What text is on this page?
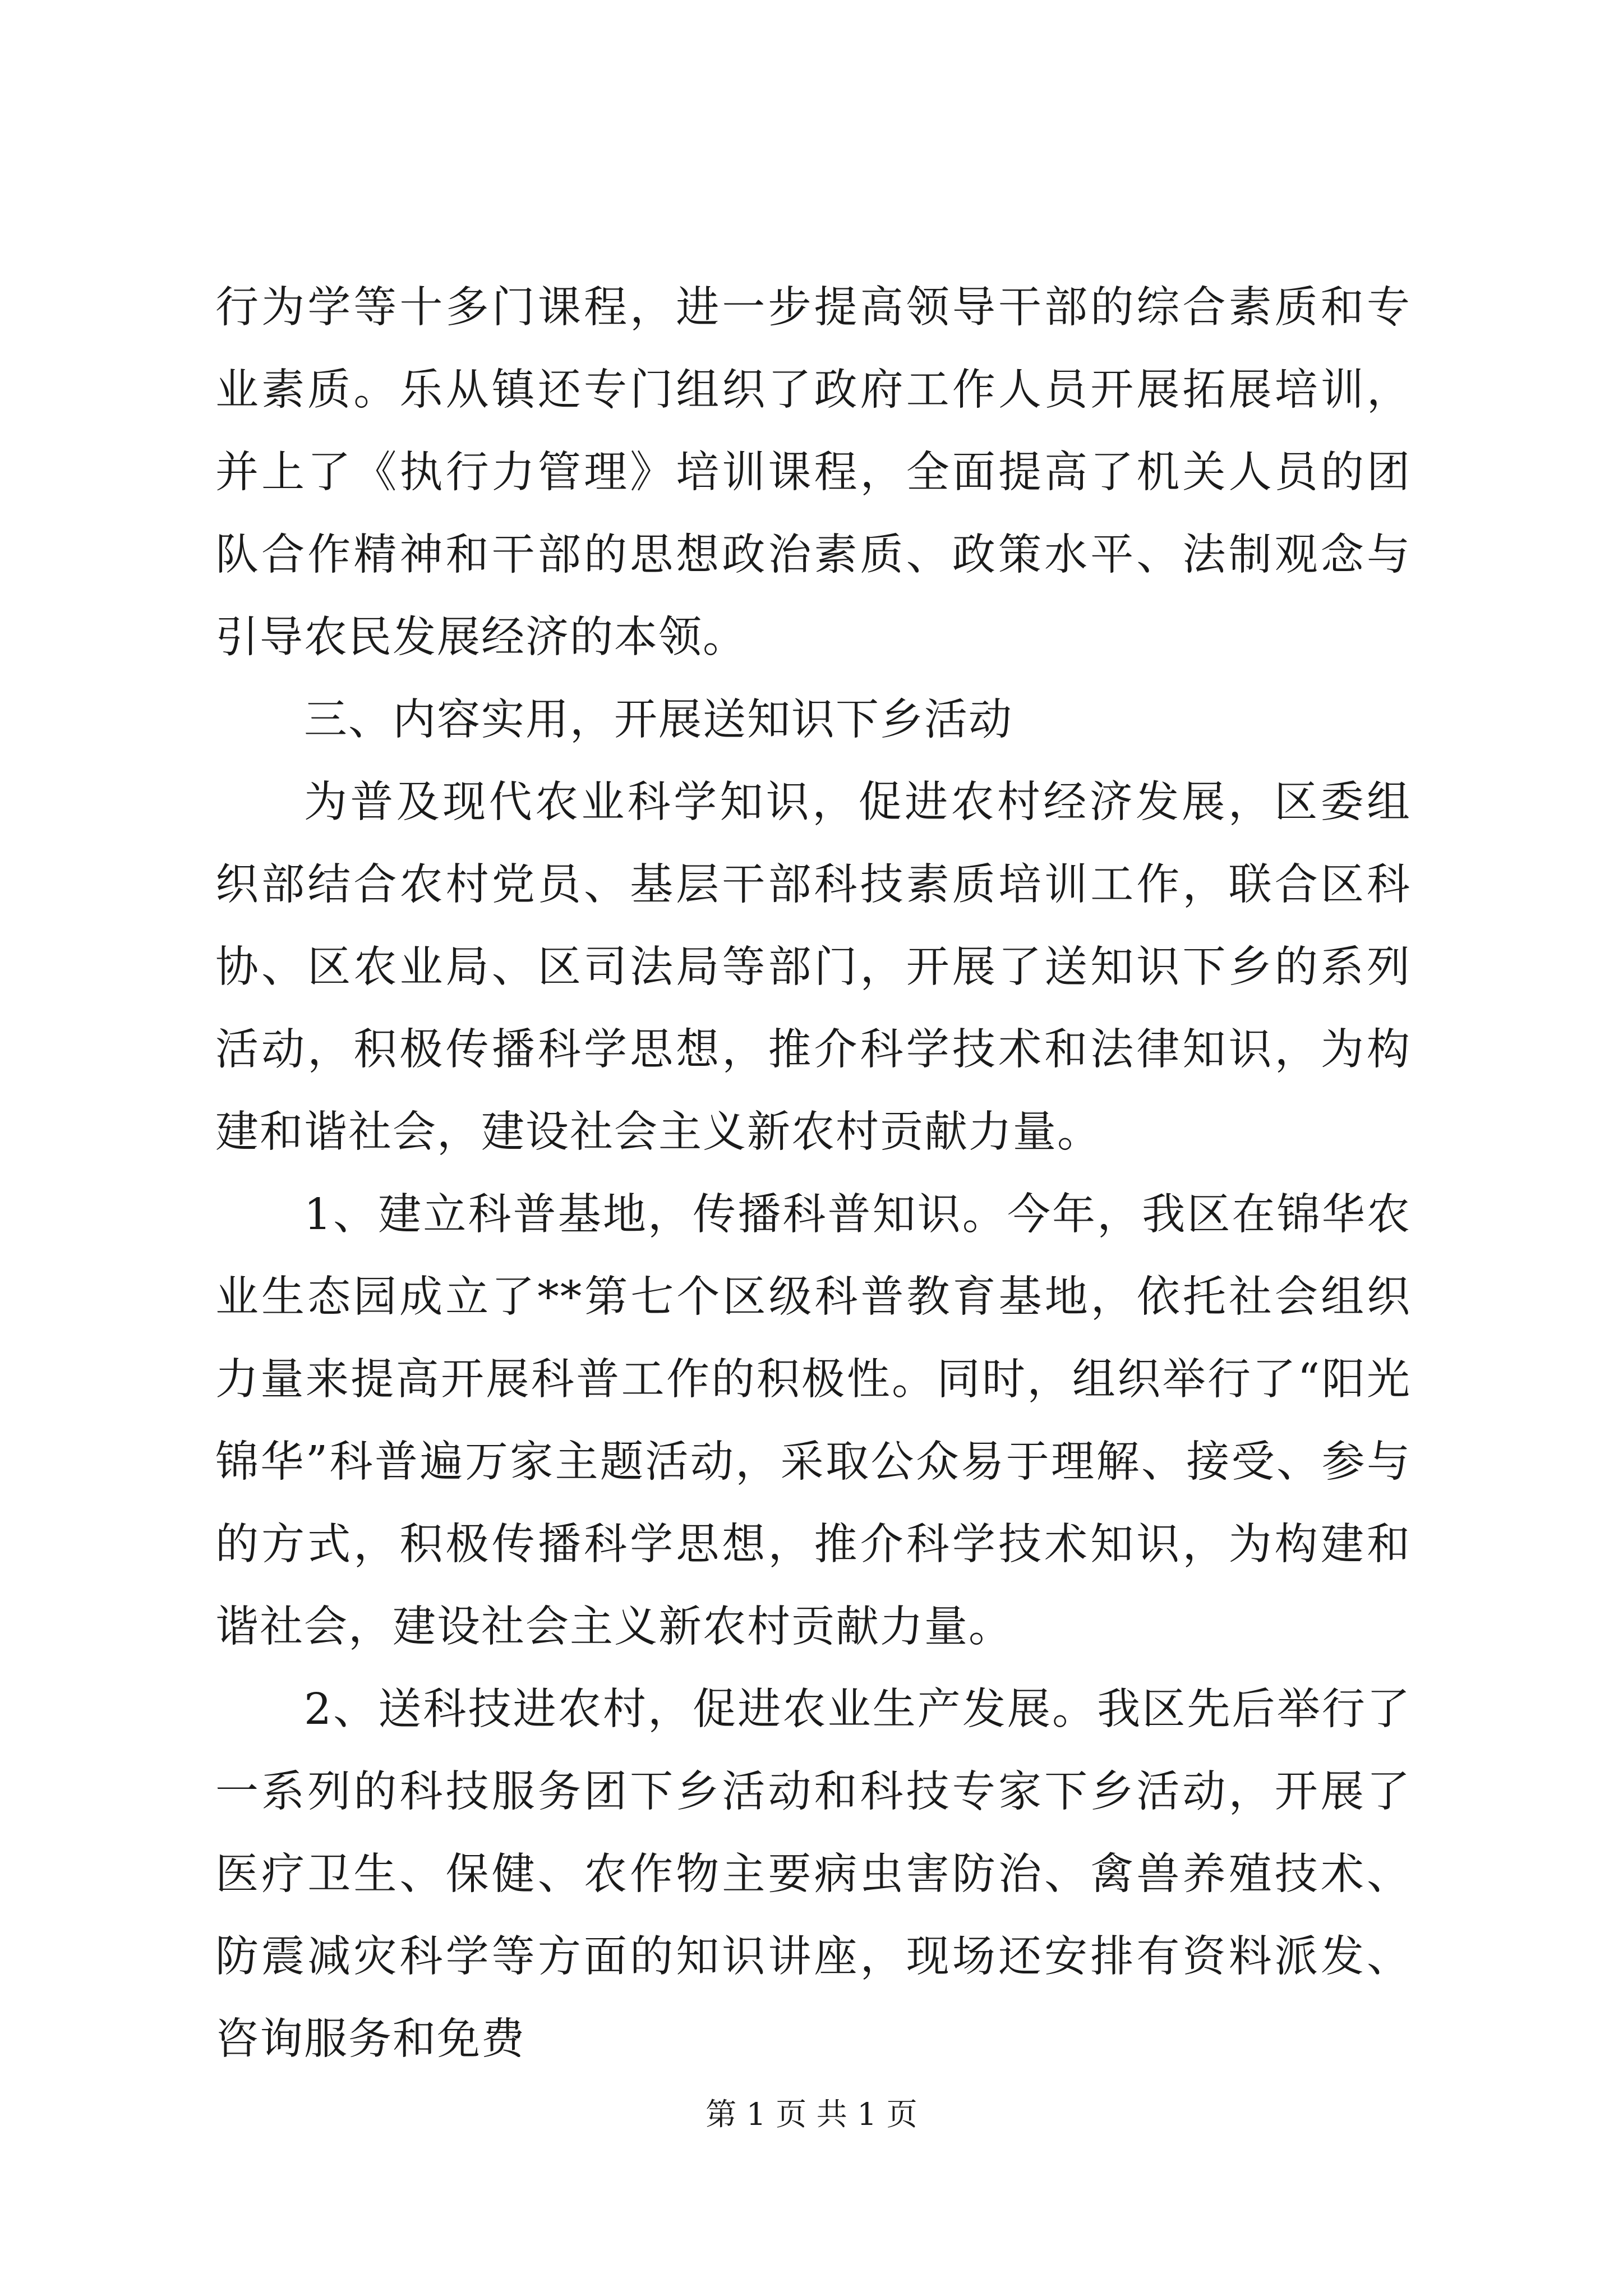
行为学等十多门课程，进一步提高领导干部的综合素质和专业素质。乐从镇还专门组织了政府工作人员开展拓展培训，并上了《执行力管理》培训课程，全面提高了机关人员的团队合作精神和干部的思想政治素质、政策水平、法制观念与引导农民发展经济的本领。

三、内容实用，开展送知识下乡活动

为普及现代农业科学知识，促进农村经济发展，区委组织部结合农村党员、基层干部科技素质培训工作，联合区科协、区农业局、区司法局等部门，开展了送知识下乡的系列活动，积极传播科学思想，推介科学技术和法律知识，为构建和谐社会，建设社会主义新农村贡献力量。

1、建立科普基地，传播科普知识。今年，我区在锦华农业生态园成立了**第七个区级科普教育基地，依托社会组织力量来提高开展科普工作的积极性。同时，组织举行了“阳光锦华”科普遍万家主题活动，采取公众易于理解、接受、参与的方式，积极传播科学思想，推介科学技术知识，为构建和谐社会，建设社会主义新农村贡献力量。

2、送科技进农村，促进农业生产发展。我区先后举行了一系列的科技服务团下乡活动和科技专家下乡活动，开展了医疗卫生、保健、农作物主要病虫害防治、禽兽养殖技术、防震减灾科学等方面的知识讲座，现场还安排有资料派发、咨询服务和免费

第 1 页 共 1 页
